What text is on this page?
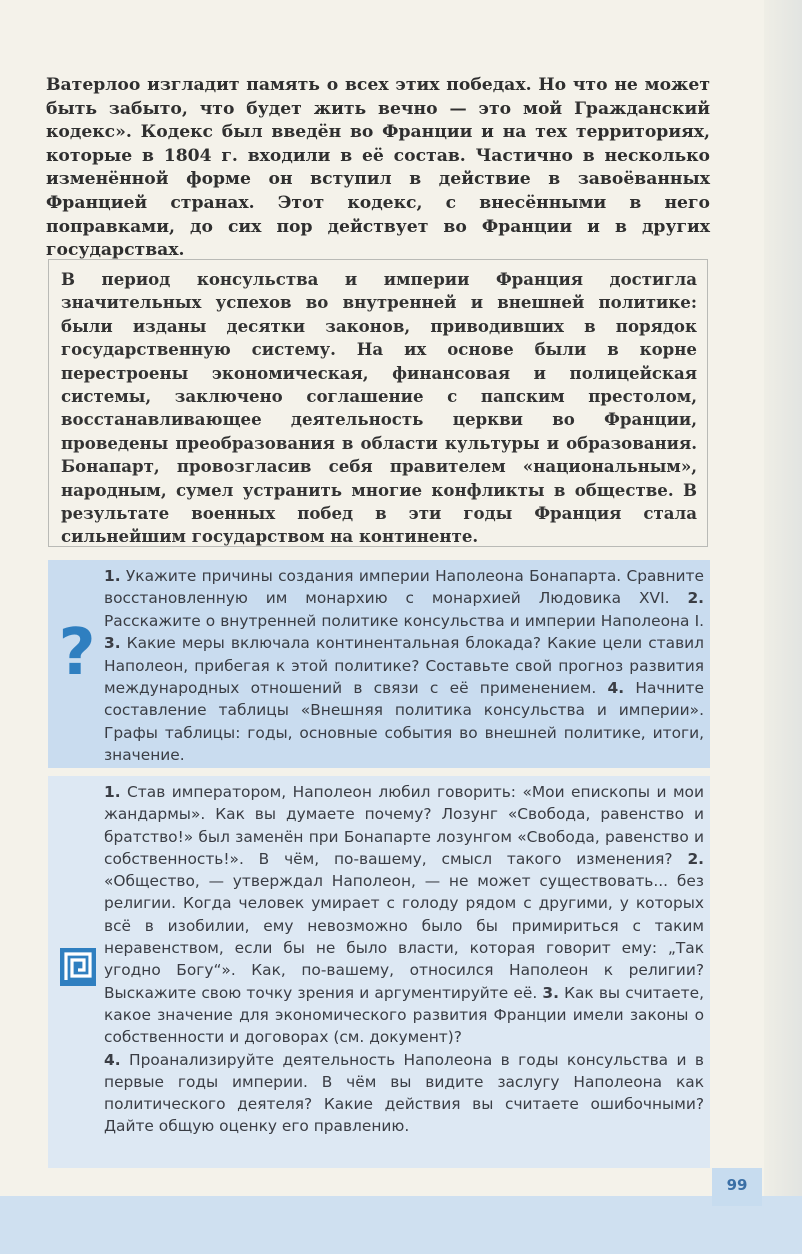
Ватерлоо изгладит память о всех этих победах. Но что не может быть забыто, что будет жить вечно — это мой Гражданский кодекс». Кодекс был введён во Франции и на тех территориях, которые в 1804 г. входили в её состав. Частично в несколько изменённой форме он вступил в действие в завоёванных Францией странах. Этот кодекс, с внесёнными в него поправками, до сих пор действует во Франции и в других государствах.

В период консульства и империи Франция достигла значительных успехов во внутренней и внешней политике: были изданы десятки законов, приводивших в порядок государственную систему. На их основе были в корне перестроены экономическая, финансовая и полицейская системы, заключено соглашение с папским престолом, восстанавливающее деятельность церкви во Франции, проведены преобразования в области культуры и образования. Бонапарт, провозгласив себя правителем «национальным», народным, сумел устранить многие конфликты в обществе. В результате военных побед в эти годы Франция стала сильнейшим государством на континенте.
?
1. Укажите причины создания империи Наполеона Бонапарта. Сравните восстановленную им монархию с монархией Людовика XVI. 2. Расскажите о внутренней политике консульства и империи Наполеона I. 3. Какие меры включала континентальная блокада? Какие цели ставил Наполеон, прибегая к этой политике? Составьте свой прогноз развития международных отношений в связи с её применением. 4. Начните составление таблицы «Внешняя политика консульства и империи». Графы таблицы: годы, основные события во внешней политике, итоги, значение.
1. Став императором, Наполеон любил говорить: «Мои епископы и мои жандармы». Как вы думаете почему? Лозунг «Свобода, равенство и братство!» был заменён при Бонапарте лозунгом «Свобода, равенство и собственность!». В чём, по-вашему, смысл такого изменения? 2. «Общество, — утверждал Наполеон, — не может существовать... без религии. Когда человек умирает с голоду рядом с другими, у которых всё в изобилии, ему невозможно было бы примириться с таким неравенством, если бы не было власти, которая говорит ему: „Так угодно Богу“». Как, по-вашему, относился Наполеон к религии? Выскажите свою точку зрения и аргументируйте её. 3. Как вы считаете, какое значение для экономического развития Франции имели законы о собственности и договорах (см. документ)?
4. Проанализируйте деятельность Наполеона в годы консульства и в первые годы империи. В чём вы видите заслугу Наполеона как политического деятеля? Какие действия вы считаете ошибочными? Дайте общую оценку его правлению.
99
